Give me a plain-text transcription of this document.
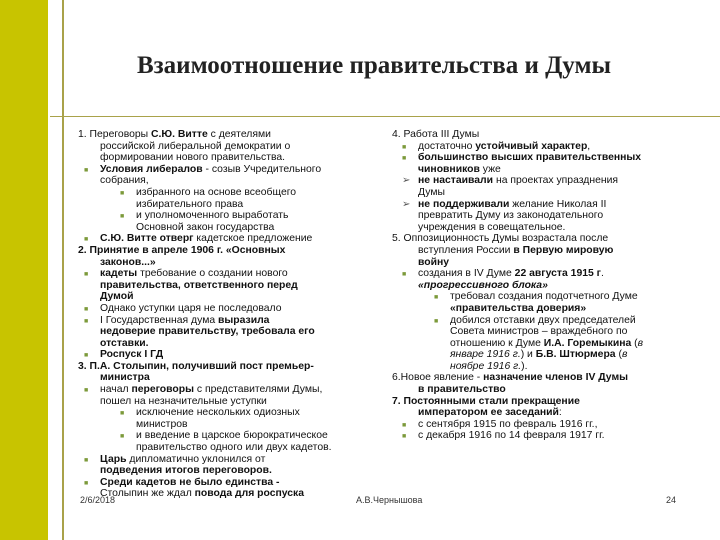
Взаимоотношение правительства и Думы
1. Переговоры С.Ю. Витте с деятелями
российской либеральной демократии о
формировании нового правительства.
■ Условия либералов - созыв Учредительного
собрания,
■ избранного на основе всеобщего
избирательного права
■ и уполномоченного выработать
Основной закон государства
■ С.Ю. Витте отверг кадетское предложение
2. Принятие в апреле 1906 г. «Основных
законов...»
■ кадеты требование о создании нового
правительства, ответственного перед
Думой
■ Однако уступки царя не последовало
■ I Государственная дума выразила
недоверие правительству, требовала его
отставки.
■ Роспуск I ГД
3. П.А. Столыпин, получивший пост премьер-
министра
■ начал переговоры с представителями Думы,
пошел на незначительные уступки
■ исключение нескольких одиозных
министров
■ и введение в царское бюрократическое
правительство одного или двух кадетов.
■ Царь дипломатично уклонился от
подведения итогов переговоров.
■ Среди кадетов не было единства -
Столыпин же ждал повода для роспуска
4. Работа III Думы
■ достаточно устойчивый характер,
■ большинство высших правительственных
чиновников уже
➢ не настаивали на проектах упразднения
Думы
➢ не поддерживали желание Николая II
превратить Думу из законодательного
учреждения в совещательное.
5. Оппозиционность Думы возрастала после
вступления России в Первую мировую
войну
■ создания в IV Думе 22 августа 1915 г.
«прогрессивного блока»
■ требовал создания подотчетного Думе
«правительства доверия»
■ добился отставки двух председателей
Совета министров – враждебного по
отношению к Думе И.А. Горемыкина (в
январе 1916 г.) и Б.В. Штюрмера (в
ноябре 1916 г.).
6.Новое явление - назначение членов IV Думы
в правительство
7. Постоянными стали прекращение
императором ее заседаний:
■ с сентября 1915 по февраль 1916 гг.,
■ с декабря 1916 по 14 февраля 1917 гг.
2/6/2018	А.В.Чернышова	24
